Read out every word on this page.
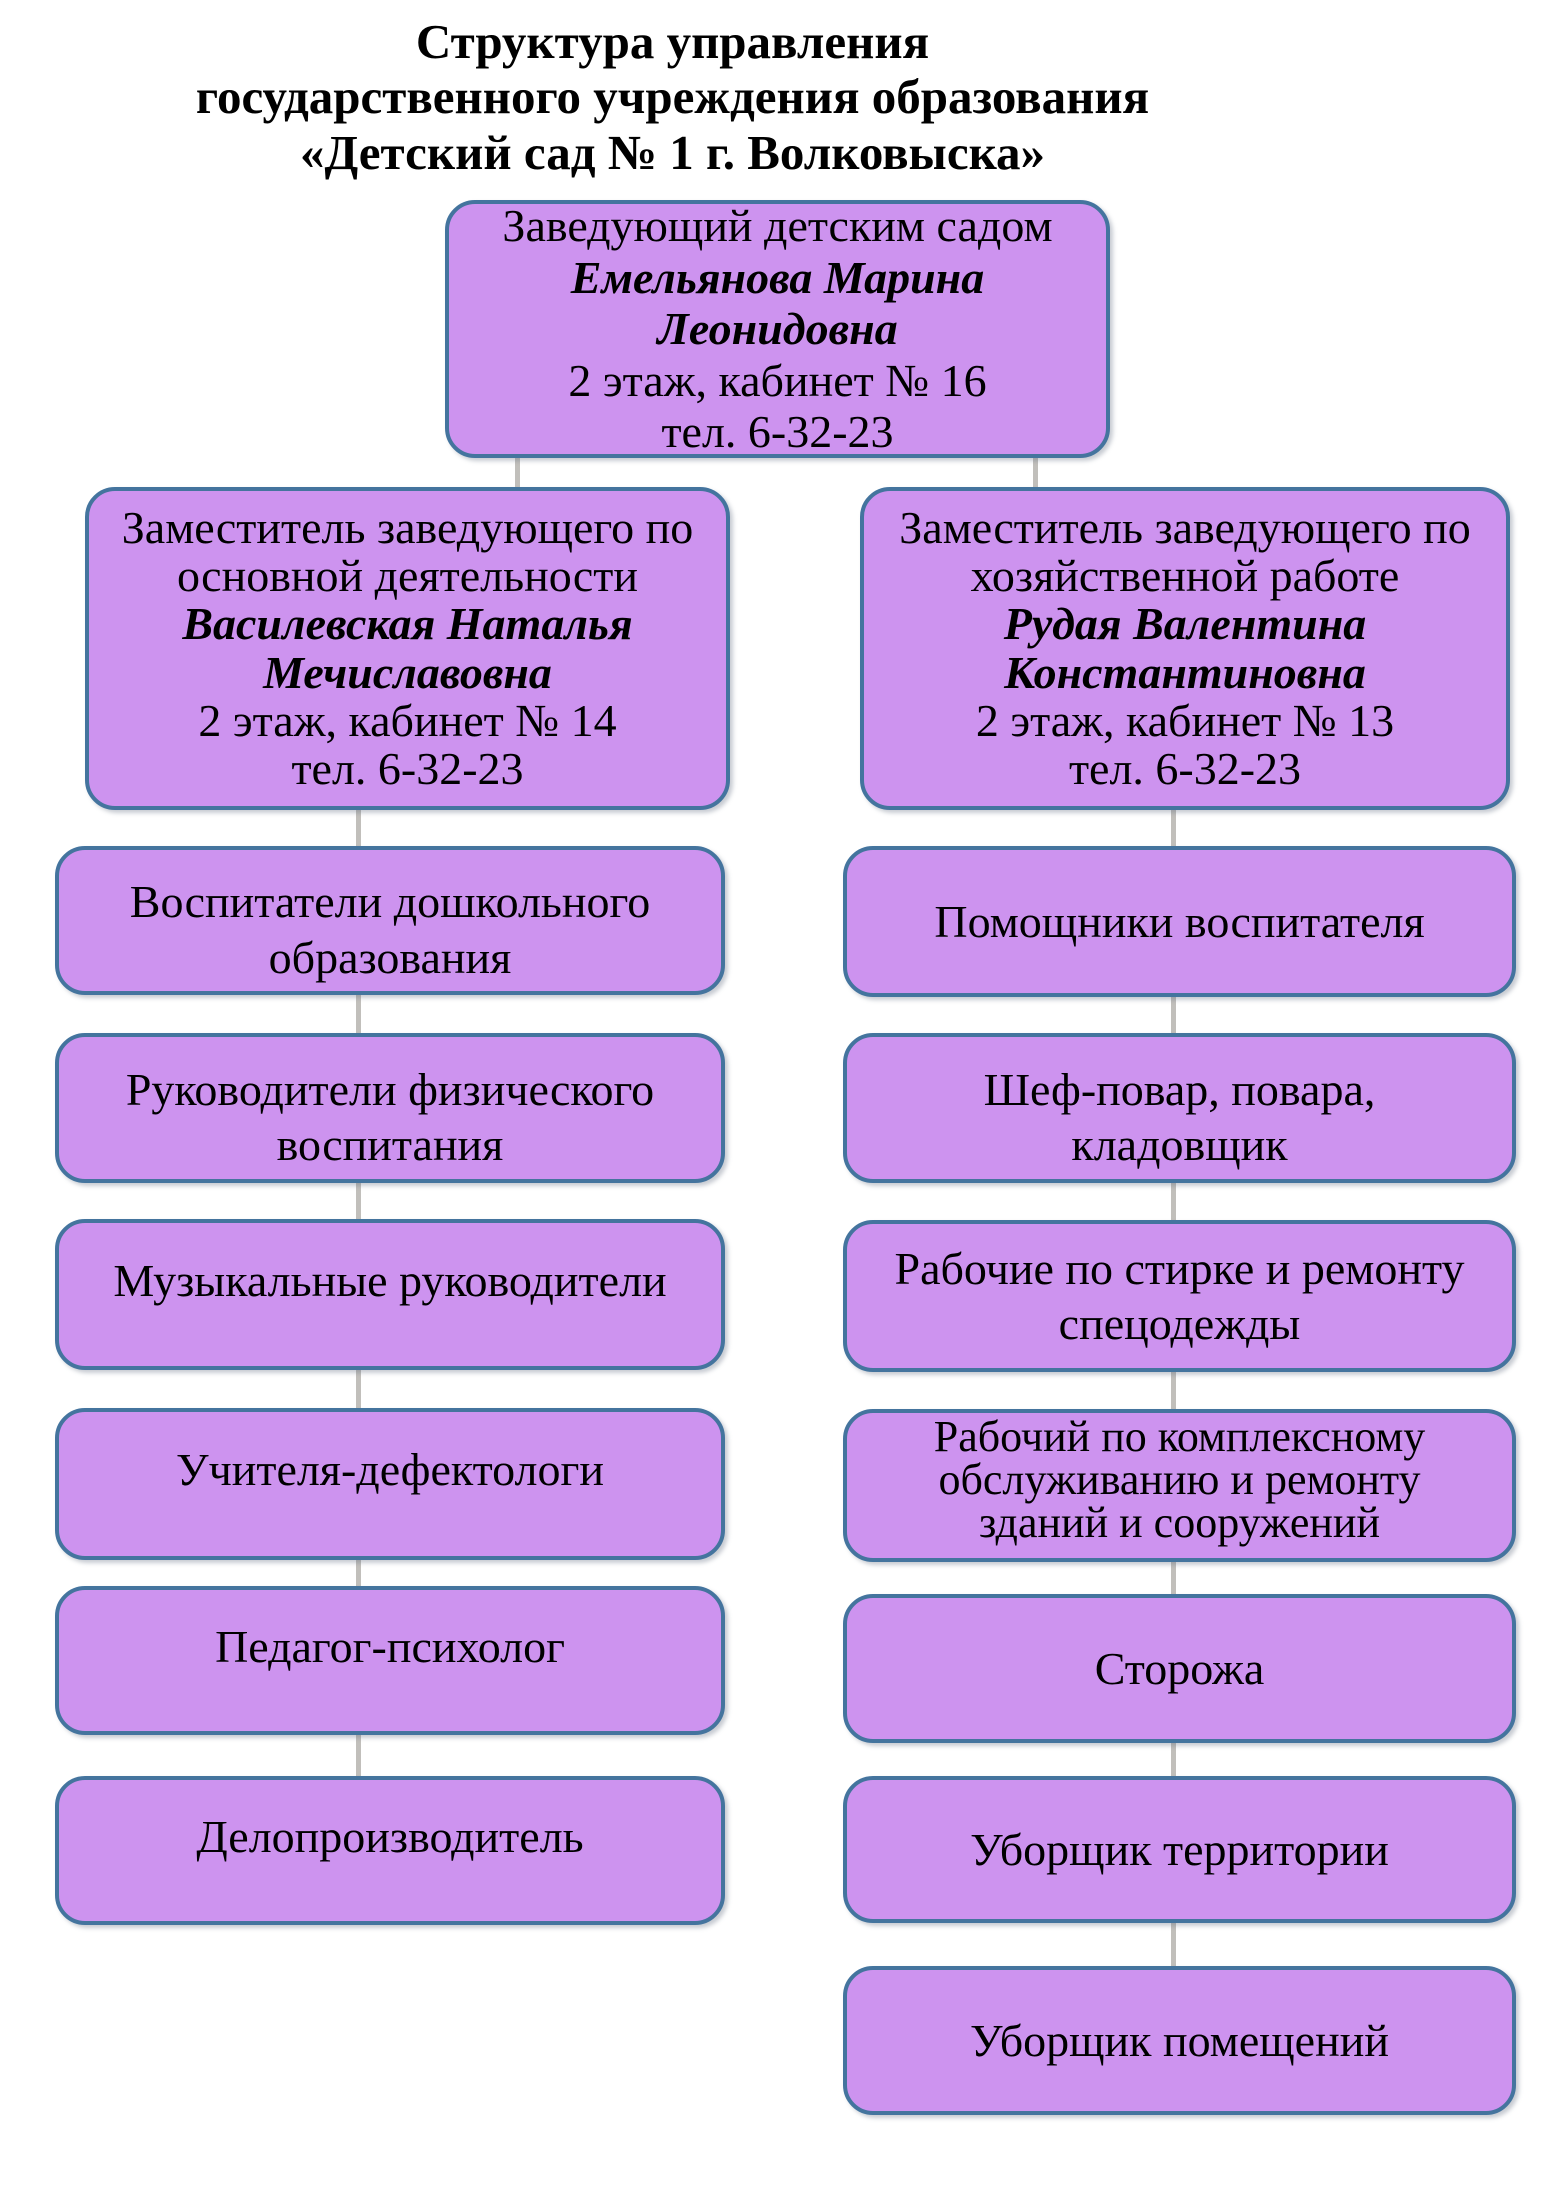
Структура управления
государственного учреждения образования
«Детский сад № 1 г. Волковыска»
Заведующий детским садом
Емельянова Марина
Леонидовна
2 этаж, кабинет № 16
тел. 6-32-23
Заместитель заведующего по
основной деятельности
Василевская Наталья
Мечиславовна
2 этаж, кабинет № 14
тел. 6-32-23
Заместитель заведующего по
хозяйственной работе
Рудая Валентина
Константиновна
2 этаж, кабинет № 13
тел. 6-32-23
Воспитатели дошкольного
образования
Руководители физического
воспитания
Музыкальные руководители
Учителя-дефектологи
Педагог-психолог
Делопроизводитель
Помощники воспитателя
Шеф-повар, повара,
кладовщик
Рабочие по стирке и ремонту
спецодежды
Рабочий по комплексному
обслуживанию и ремонту
зданий и сооружений
Сторожа
Уборщик территории
Уборщик помещений
